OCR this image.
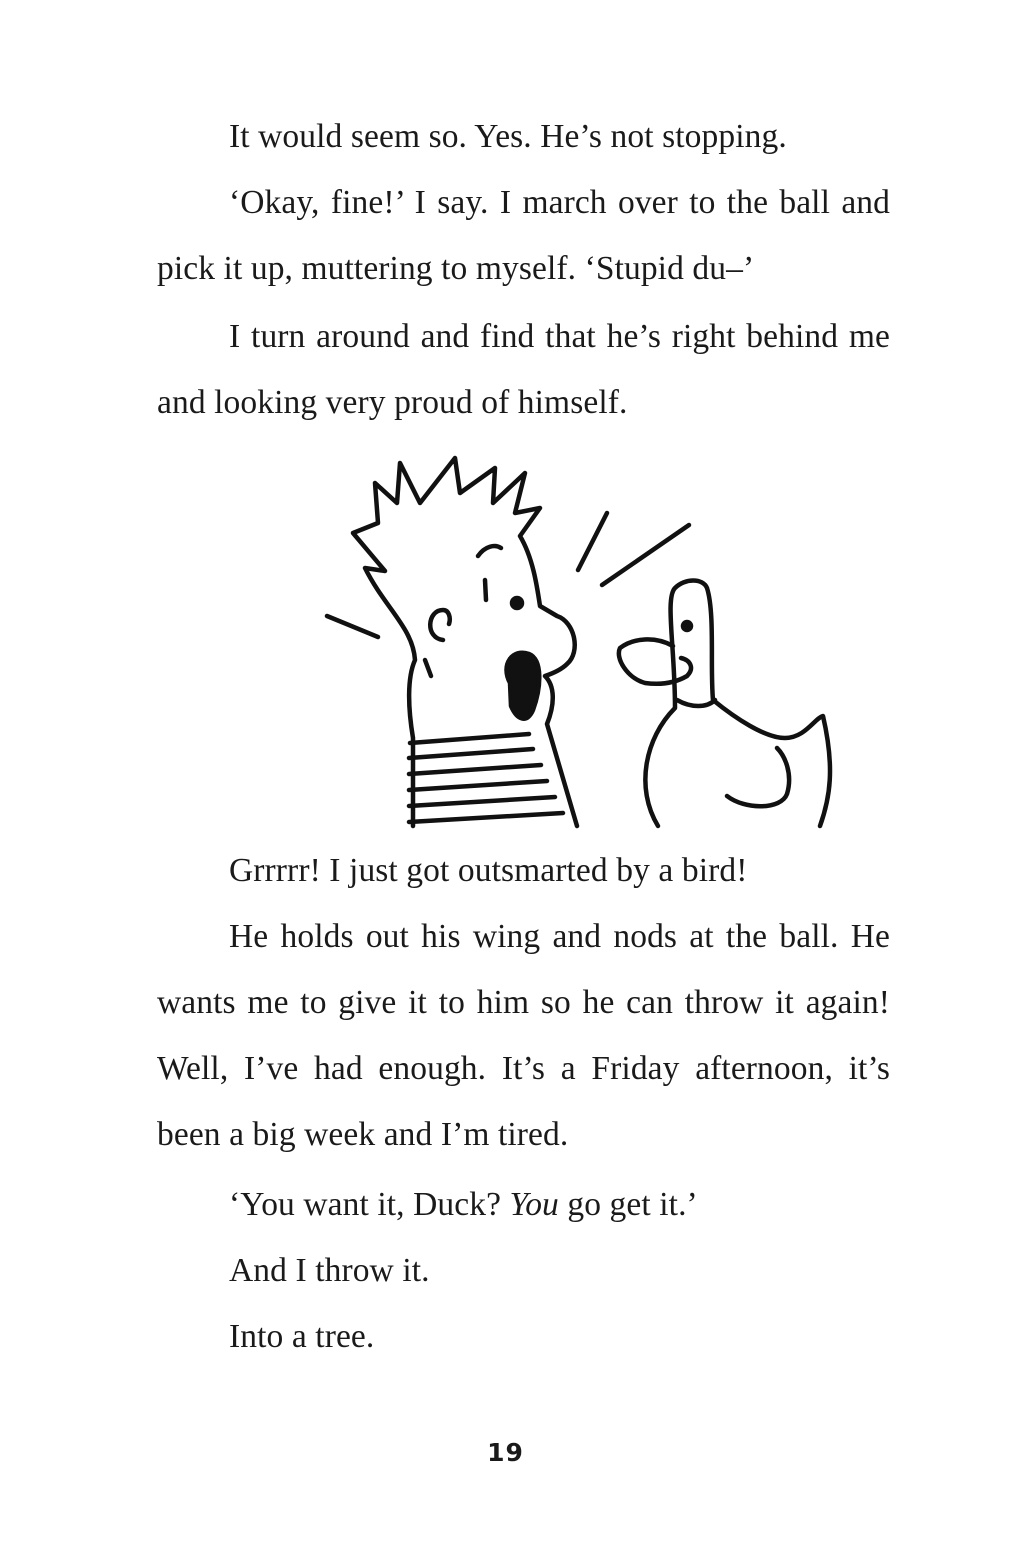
It would seem so. Yes. He’s not stopping.

‘Okay, fine!’ I say. I march over to the ball and pick it up, muttering to myself. ‘Stupid du–’

I turn around and find that he’s right behind me and looking very proud of himself.

Grrrrr! I just got outsmarted by a bird!

He holds out his wing and nods at the ball. He wants me to give it to him so he can throw it again! Well, I’ve had enough. It’s a Friday afternoon, it’s been a big week and I’m tired.

‘You want it, Duck? You go get it.’

And I throw it.

Into a tree.

19
